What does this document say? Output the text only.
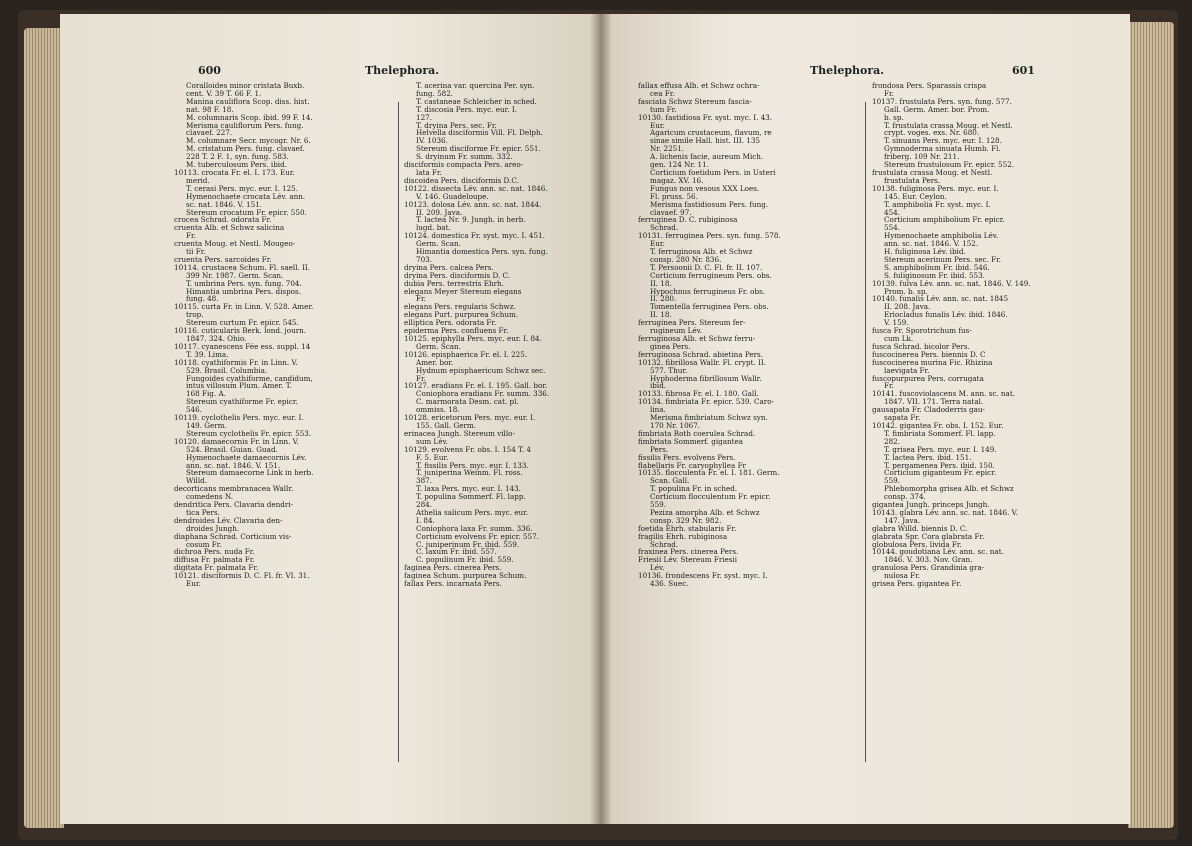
600	Thelephora.
Coralloides minor cristata Buxb.
cent. V. 39 T. 66 F. 1.
Manina cauliflora Scop. diss. hist.
nat. 98 F. 18.
M. columnaris Scop. ibid. 99 F. 14.
Merisma cauliflorum Pers. fung.
clavaef. 227.
M. columnare Secr. mycogr. Nr. 6.
M. cristatum Pers. fung. clavaef.
228 T. 2 F. 1, syn. fung. 583.
M. tuberculosum Pers. ibid.
10113. crocata Fr. el. I. 173. Eur.
merid.
T. cerasi Pers. myc. eur. I. 125.
Hymenochaete crocata Lév. ann.
sc. nat. 1846. V. 151.
Stereum crocatum Fr. epicr. 550.
crocea Schrad. odorata Fr.
cruenta Alb. et Schwz salicina
Fr.
cruenta Moug. et Nestl. Mougeo-
tii Fr.
cruenta Pers. sarcoides Fr.
10114. crustacea Schum. Fl. saell. II.
399 Nr. 1987. Germ. Scan.
T. umbrina Pers. syn. fung. 704.
Himantia umbrina Pers. dispos.
fung. 48.
10115. curta Fr. in Linn. V. 528. Amer.
trop.
Stereum curtum Fr. epicr. 545.
10116. cuticularis Berk. lond. journ.
1847. 324. Ohio.
10117. cyanescens Fée ess. suppl. 14
T. 39. Lima.
10118. cyathiformis Fr. in Linn. V.
529. Brasil. Columbia.
Fungoides cyathiforme, candidum,
intus villosum Plum. Amer. T.
168 Fig. A.
Stereum cyathiforme Fr. epicr.
546.
10119. cyclothelis Pers. myc. eur. I.
149. Germ.
Stereum cyclothelis Fr. epicr. 553.
10120. damaecornis Fr. in Linn. V.
524. Brasil. Guian. Guad.
Hymenochaete damaecornis Lév.
ann. sc. nat. 1846. V. 151.
Stereum damaecorne Link in herb.
Willd.
decorticans membranacea Wallr.
comedens N.
dendritica Pers. Clavaria dendri-
tica Pers.
dendroides Lév. Clavaria den-
droides Jungh.
diaphana Schrad. Corticium vis-
cosum Fr.
dichroa Pers. nuda Fr.
diffusa Fr. palmata Fr.
digitata Fr. palmata Fr.
10121. disciformis D. C. Fl. fr. VI. 31.
Eur.
T. acerina var. quercina Per. syn.
fung. 582.
T. castaneae Schleicher in sched.
T. discosia Pers. myc. eur. I.
127.
T. dryina Pers. sec. Fr.
Helvella disciformis Vill. Fl. Delph.
IV. 1036.
Stereum disciforme Fr. epicr. 551.
S. dryinum Fr. summ. 332.
disciformis compacta Pers. areo-
lata Fr.
discoidea Pers. disciformis D.C.
10122. dissecta Lév. ann. sc. nat. 1846.
V. 146. Guadeloupe.
10123. dolosa Lév. ann. sc. nat. 1844.
II. 209. Java.
T. lactea Nr. 9. Jungh. in herb.
lugd. bat.
10124. domestica Fr. syst. myc. I. 451.
Germ. Scan.
Himantia domestica Pers. syn. fung.
703.
dryina Pers. calcea Pers.
dryina Pers. disciformis D. C.
dubia Pers. terrestris Ehrh.
elegans Meyer Stereum elegans
Fr.
elegans Pers. regularis Schwz.
elegans Purt. purpurea Schum.
elliptica Pers. odorata Fr.
epiderma Pers. confluens Fr.
10125. epiphylla Pers. myc. eur. I. 84.
Germ. Scan.
10126. episphaerica Fr. el. I. 225.
Amer. bor.
Hydnum episphaericum Schwz sec.
Fr.
10127. eradians Fr. el. I. 195. Gall. bor.
Coniophora eradians Fr. summ. 336.
C. marmorata Desm. cat. pl.
ommiss. 18.
10128. ericetorum Pers. myc. eur. I.
155. Gall. Germ.
erinacea Jungh. Stereum villo-
sum Lév.
10129. evolvens Fr. obs. I. 154 T. 4
F. 5. Eur.
T. fissilis Pers. myc. eur. I. 133.
T. juniperina Weinm. Fl. ross.
387.
T. laxa Pers. myc. eur. I. 143.
T. populina Sommerf. Fl. lapp.
284.
Athelia salicum Pers. myc. eur.
I. 84.
Coniophora laxa Fr. summ. 336.
Corticium evolvens Fr. epicr. 557.
C. juniperinum Fr. ibid. 559.
C. laxum Fr. ibid. 557.
C. populinum Fr. ibid. 559.
faginea Pers. cinerea Pers.
faginea Schum. purpurea Schum.
fallax Pers. incarnata Pers.
Thelephora.	601
fallax effusa Alb. et Schwz ochra-
cea Fr.
fasciata Schwz Stereum fascia-
tum Fr.
10130. fastidiosa Fr. syst. myc. I. 43.
Eur.
Agaricum crustaceum, flavum, re
sinae simile Hall. hist. III. 135
Nr. 2251.
A. lichenis facie, aureum Mich.
gen. 124 Nr. 11.
Corticium foetidum Pers. in Usteri
magaz. XV. 16.
Fungus non vesous XXX Loes.
Fl. pruss. 56.
Merisma fastidiosum Pers. fung.
clavaef. 97.
ferruginea D. C. rubiginosa
Schrad.
10131. ferruginea Pers. syn. fung. 578.
Eur.
T. ferruginosa Alb. et Schwz
consp. 280 Nr. 836.
T. Persoonii D. C. Fl. fr. II. 107.
Corticium ferrugineum Pers. obs.
II. 18.
Hypochnus ferrugineus Fr. obs.
II. 280.
Tomentella ferruginea Pers. obs.
II. 18.
ferruginea Pers. Stereum fer-
rugineum Lév.
ferruginosa Alb. et Schwz ferru-
ginea Pers.
ferruginosa Schrad. abietina Pers.
10132. fibrillosa Wallr. Fl. crypt. II.
577. Thur.
Hyphoderma fibrillosum Wallr.
ibid.
10133. fibrosa Fr. el. I. 180. Gall.
10134. fimbriata Fr. epicr. 539. Caro-
lina.
Merisma fimbriatum Schwz syn.
170 Nr. 1067.
fimbriata Roth coerulea Schrad.
fimbriata Sommerf. gigantea
Pers.
fissilis Pers. evolvens Pers.
flabellaris Fr. caryophyllea Fr
10135. flocculenta Fr. el. I. 181. Germ.
Scan. Gall.
T. populina Fr. in sched.
Corticium flocculentum Fr. epicr.
559.
Peziza amorpha Alb. et Schwz
consp. 329 Nr. 982.
foetida Ehrh. stabularis Fr.
fragilis Ehrh. rubiginosa
Schrad.
fraxinea Pers. cinerea Pers.
Friesii Lév. Stereum Friesii
Lév.
10136. frondescens Fr. syst. myc. I.
436. Suec.
frondosa Pers. Sparassis crispa
Fr.
10137. frustulata Pers. syn. fung. 577.
Gall. Germ. Amer. bor. Prom.
b. sp.
T. frustulata crassa Moug. et Nestl.
crypt. voges. exs. Nr. 680.
T. sinuans Pers. myc. eur. I. 128.
Gymnoderma sinuata Humb. Fl.
friberg. 109 Nr. 211.
Stereum frustulosum Fr. epicr. 552.
frustulata crassa Moug. et Nestl.
frustulata Pers.
10138. fuliginosa Pers. myc. eur. I.
145. Eur. Ceylon.
T. amphibolia Fr. syst. myc. I.
454.
Corticium amphibolium Fr. epicr.
554.
Hymenochaete amphibolia Lév.
ann. sc. nat. 1846. V. 152.
H. fuliginosa Lév. ibid.
Stereum acerinum Pers. sec. Fr.
S. amphibolium Fr. ibid. 546.
S. fuliginosum Fr. ibid. 553.
10139. fulva Lév. ann. sc. nat. 1846. V. 149.
Prom. b. sp.
10140. funalis Lév. ann. sc. nat. 1845
II. 208. Java.
Eriocladus funalis Lév. ibid. 1846.
V. 159.
fusca Fr. Sporotrichum fus-
cum Lk.
fusca Schrad. bicolor Pers.
fuscocinerea Pers. biennis D. C
fuscocinerea murina Fic. Rhizina
laevigata Fr.
fuscopurpurea Pers. corrugata
Fr.
10141. fuscoviolascens M. ann. sc. nat.
1847. VII. 171. Terra natal.
gausapata Fr. Cladoderris gau-
sapata Fr.
10142. gigantea Fr. obs. I. 152. Eur.
T. fimbriata Sommerf. Fl. lapp.
282.
T. grisea Pers. myc. eur. I. 149.
T. lactea Pers. ibid. 151.
T. pergamenea Pers. ibid. 150.
Corticium giganteum Fr. epicr.
559.
Phlebomorpha grisea Alb. et Schwz
consp. 374.
gigantea Jungh. princeps Jungh.
10143. glabra Lév. ann. sc. nat. 1846. V.
147. Java.
glabra Willd. biennis D. C.
glabrata Spr. Cora glabrata Fr.
globulosa Pers. livida Fr.
10144. goudotiana Lév. ann. sc. nat.
1846. V. 303. Nov. Gran.
granulosa Pers. Grandinia gra-
nulosa Fr.
grisea Pers. gigantea Fr.
